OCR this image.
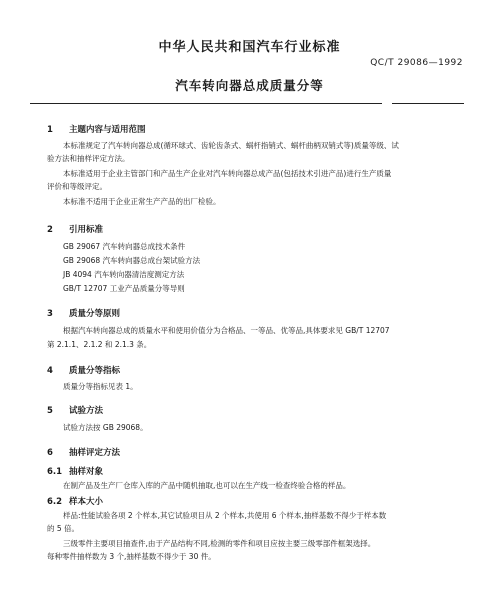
中华人民共和国汽车行业标准
QC/T 29086—1992
汽车转向器总成质量分等
1 主题内容与适用范围
本标准规定了汽车转向器总成(循环球式、齿轮齿条式、蜗杆指销式、蜗杆曲柄双销式等)质量等级、试
验方法和抽样评定方法。
本标准适用于企业主管部门和产品生产企业对汽车转向器总成产品(包括技术引进产品)进行生产质量
评价和等级评定。
本标准不适用于企业正常生产产品的出厂检验。
2 引用标准
GB 29067 汽车转向器总成技术条件
GB 29068 汽车转向器总成台架试验方法
JB 4094 汽车转向器清洁度测定方法
GB/T 12707 工业产品质量分等导则
3 质量分等原则
根据汽车转向器总成的质量水平和使用价值分为合格品、一等品、优等品,具体要求见 GB/T 12707
第 2.1.1、2.1.2 和 2.1.3 条。
4 质量分等指标
质量分等指标见表 1。
5 试验方法
试验方法按 GB 29068。
6 抽样评定方法
6.1 抽样对象
在制产品及生产厂仓库入库的产品中随机抽取,也可以在生产线一检查终验合格的样品。
6.2 样本大小
样品:性能试验各项 2 个样本,其它试验项目从 2 个样本,共使用 6 个样本,抽样基数不得少于样本数
的 5 倍。
三级零件主要项目抽查件,由于产品结构不同,检测的零件和项目应按主要三级零部件框架选择。
每种零件抽样数为 3 个,抽样基数不得少于 30 件。
